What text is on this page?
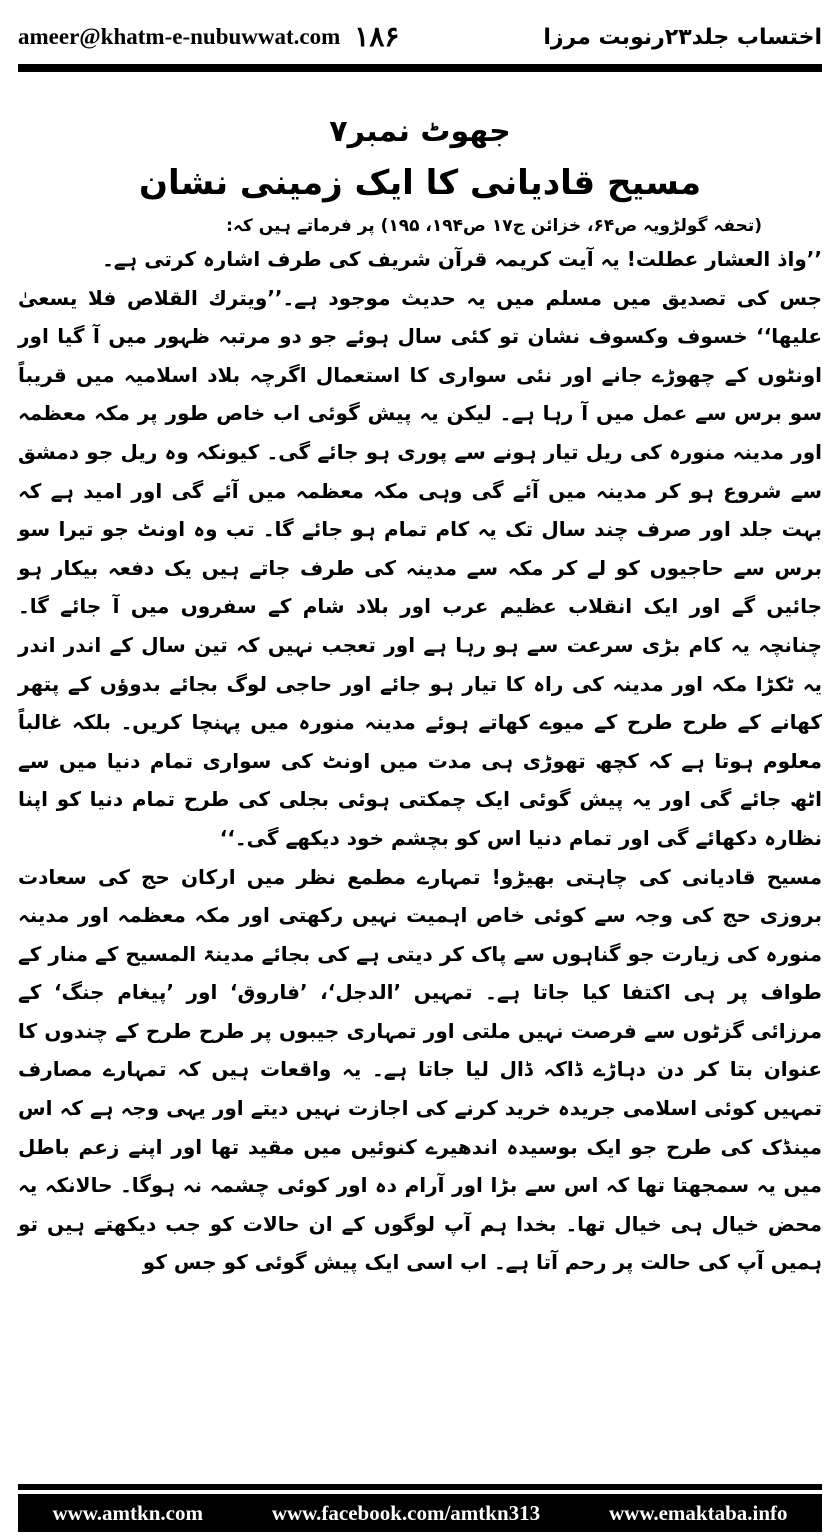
ameer@khatm-e-nubuwwat.com ۱۸۶	اختساب جلد۲۳رنوبت مرزا
جھوٹ نمبر۷
مسیح قادیانی کا ایک زمینی نشان
(تحفہ گولڑویہ ص۶۴، خزائن ج۱۷ ص۱۹۴، ۱۹۵) پر فرماتے ہیں کہ:

’’واذ العشار عطلت! یہ آیت کریمہ قرآن شریف کی طرف اشارہ کرتی ہے۔

جس کی تصدیق میں مسلم میں یہ حدیث موجود ہے۔’’ویترك القلاص فلا یسعیٰ علیھا‘‘ خسوف وکسوف نشان تو کئی سال ہوئے جو دو مرتبہ ظہور میں آ گیا اور اونٹوں کے چھوڑے جانے اور نئی سواری کا استعمال اگرچہ بلاد اسلامیہ میں قریباً سو برس سے عمل میں آ رہا ہے۔ لیکن یہ پیش گوئی اب خاص طور پر مکہ معظمہ اور مدینہ منورہ کی ریل تیار ہونے سے پوری ہو جائے گی۔ کیونکہ وہ ریل جو دمشق سے شروع ہو کر مدینہ میں آئے گی وہی مکہ معظمہ میں آئے گی اور امید ہے کہ بہت جلد اور صرف چند سال تک یہ کام تمام ہو جائے گا۔ تب وہ اونٹ جو تیرا سو برس سے حاجیوں کو لے کر مکہ سے مدینہ کی طرف جاتے ہیں یک دفعہ بیکار ہو جائیں گے اور ایک انقلاب عظیم عرب اور بلاد شام کے سفروں میں آ جائے گا۔ چنانچہ یہ کام بڑی سرعت سے ہو رہا ہے اور تعجب نہیں کہ تین سال کے اندر اندر یہ ٹکڑا مکہ اور مدینہ کی راہ کا تیار ہو جائے اور حاجی لوگ بجائے بدوؤں کے پتھر کھانے کے طرح طرح کے میوے کھاتے ہوئے مدینہ منورہ میں پہنچا کریں۔ بلکہ غالباً معلوم ہوتا ہے کہ کچھ تھوڑی ہی مدت میں اونٹ کی سواری تمام دنیا میں سے اٹھ جائے گی اور یہ پیش گوئی ایک چمکتی ہوئی بجلی کی طرح تمام دنیا کو اپنا نظارہ دکھائے گی اور تمام دنیا اس کو بچشم خود دیکھے گی۔‘‘

مسیح قادیانی کی چاہتی بھیڑو! تمہارے مطمع نظر میں ارکان حج کی سعادت بروزی حج کی وجہ سے کوئی خاص اہمیت نہیں رکھتی اور مکہ معظمہ اور مدینہ منورہ کی زیارت جو گناہوں سے پاک کر دیتی ہے کی بجائے مدینۃ المسیح کے منار کے طواف پر ہی اکتفا کیا جاتا ہے۔ تمہیں ’الدجل‘، ’فاروق‘ اور ’پیغام جنگ‘ کے مرزائی گزٹوں سے فرصت نہیں ملتی اور تمہاری جیبوں پر طرح طرح کے چندوں کا عنوان بتا کر دن دہاڑے ڈاکہ ڈال لیا جاتا ہے۔ یہ واقعات ہیں کہ تمہارے مصارف تمہیں کوئی اسلامی جریدہ خرید کرنے کی اجازت نہیں دیتے اور یہی وجہ ہے کہ اس مینڈک کی طرح جو ایک بوسیدہ اندھیرے کنوئیں میں مقید تھا اور اپنے زعم باطل میں یہ سمجھتا تھا کہ اس سے بڑا اور آرام دہ اور کوئی چشمہ نہ ہوگا۔ حالانکہ یہ محض خیال ہی خیال تھا۔ بخدا ہم آپ لوگوں کے ان حالات کو جب دیکھتے ہیں تو ہمیں آپ کی حالت پر رحم آتا ہے۔ اب اسی ایک پیش گوئی کو جس کو

www.amtkn.com	www.facebook.com/amtkn313	www.emaktaba.info
